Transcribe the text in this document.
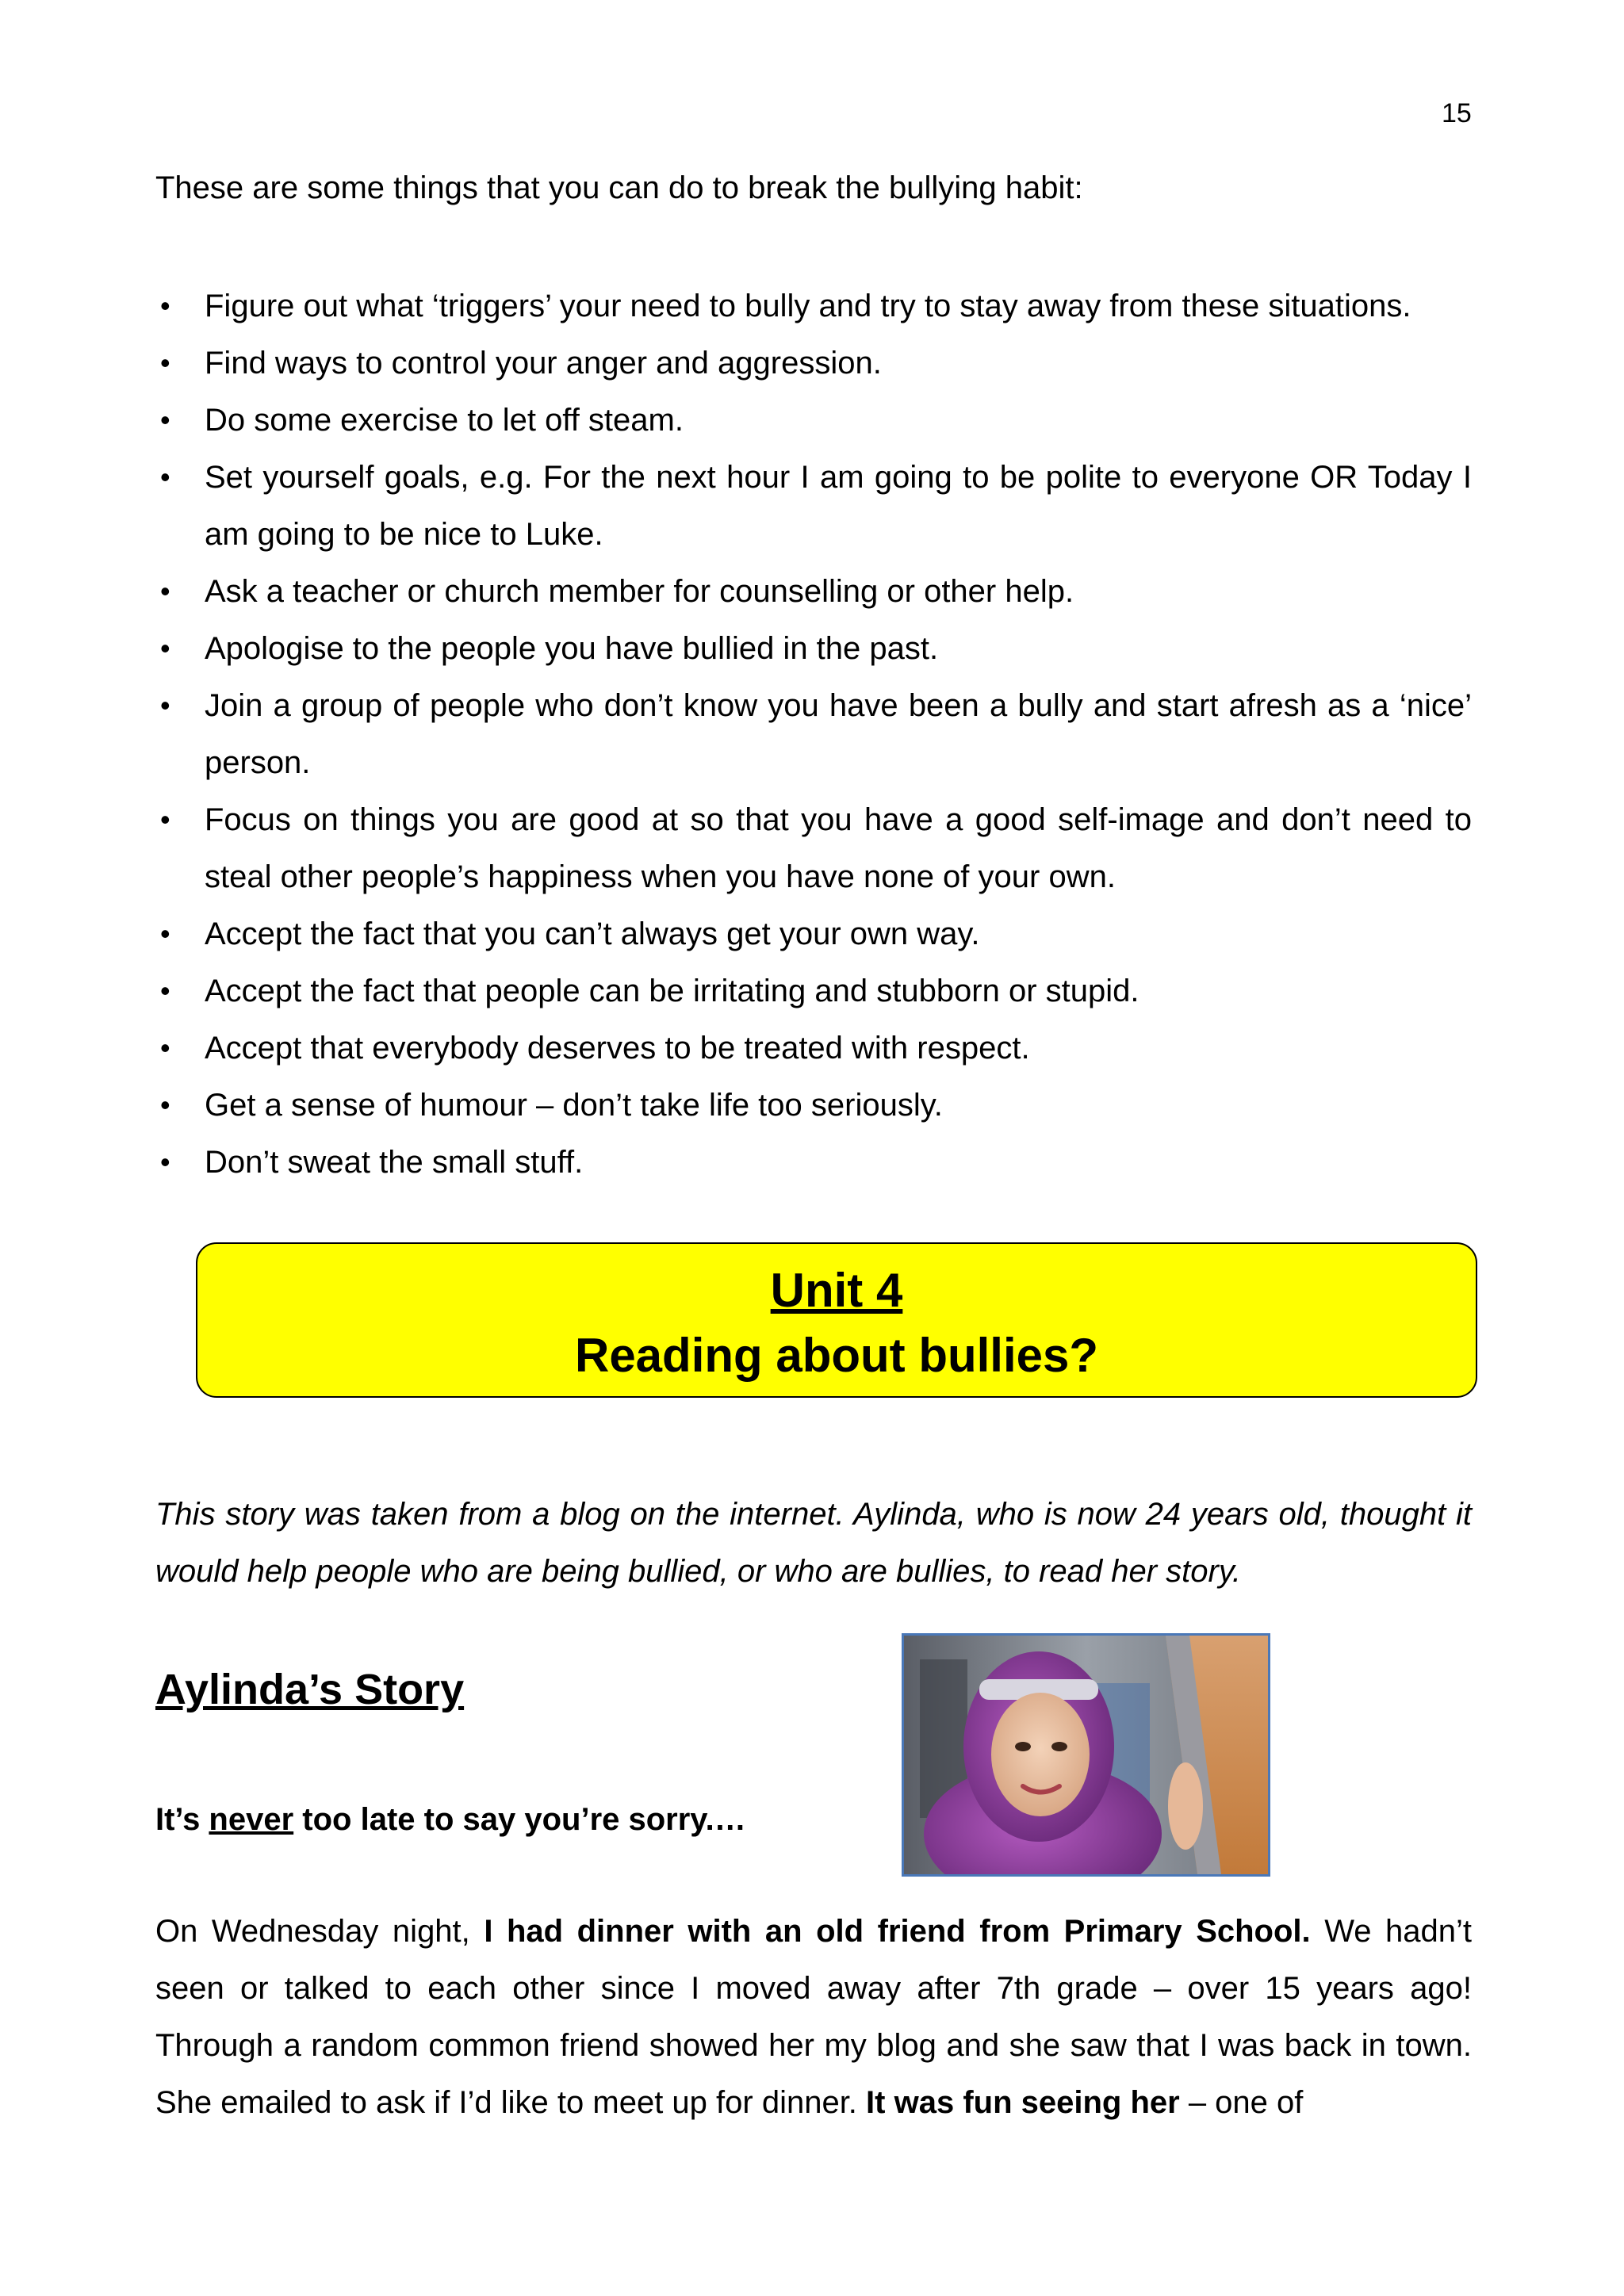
15

These are some things that you can do to break the bullying habit:

• Figure out what ‘triggers’ your need to bully and try to stay away from these situations.
• Find ways to control your anger and aggression.
• Do some exercise to let off steam.
• Set yourself goals, e.g. For the next hour I am going to be polite to everyone OR Today I am going to be nice to Luke.
• Ask a teacher or church member for counselling or other help.
• Apologise to the people you have bullied in the past.
• Join a group of people who don’t know you have been a bully and start afresh as a ‘nice’ person.
• Focus on things you are good at so that you have a good self-image and don’t need to steal other people’s happiness when you have none of your own.
• Accept the fact that you can’t always get your own way.
• Accept the fact that people can be irritating and stubborn or stupid.
• Accept that everybody deserves to be treated with respect.
• Get a sense of humour – don’t take life too seriously.
• Don’t sweat the small stuff.
Unit 4
Reading about bullies?

This story was taken from a blog on the internet. Aylinda, who is now 24 years old, thought it would help people who are being bullied, or who are bullies, to read her story.

Aylinda’s Story

It’s never too late to say you’re sorry.…

On Wednesday night, I had dinner with an old friend from Primary School. We hadn’t seen or talked to each other since I moved away after 7th grade – over 15 years ago! Through a random common friend showed her my blog and she saw that I was back in town. She emailed to ask if I’d like to meet up for dinner. It was fun seeing her – one of
